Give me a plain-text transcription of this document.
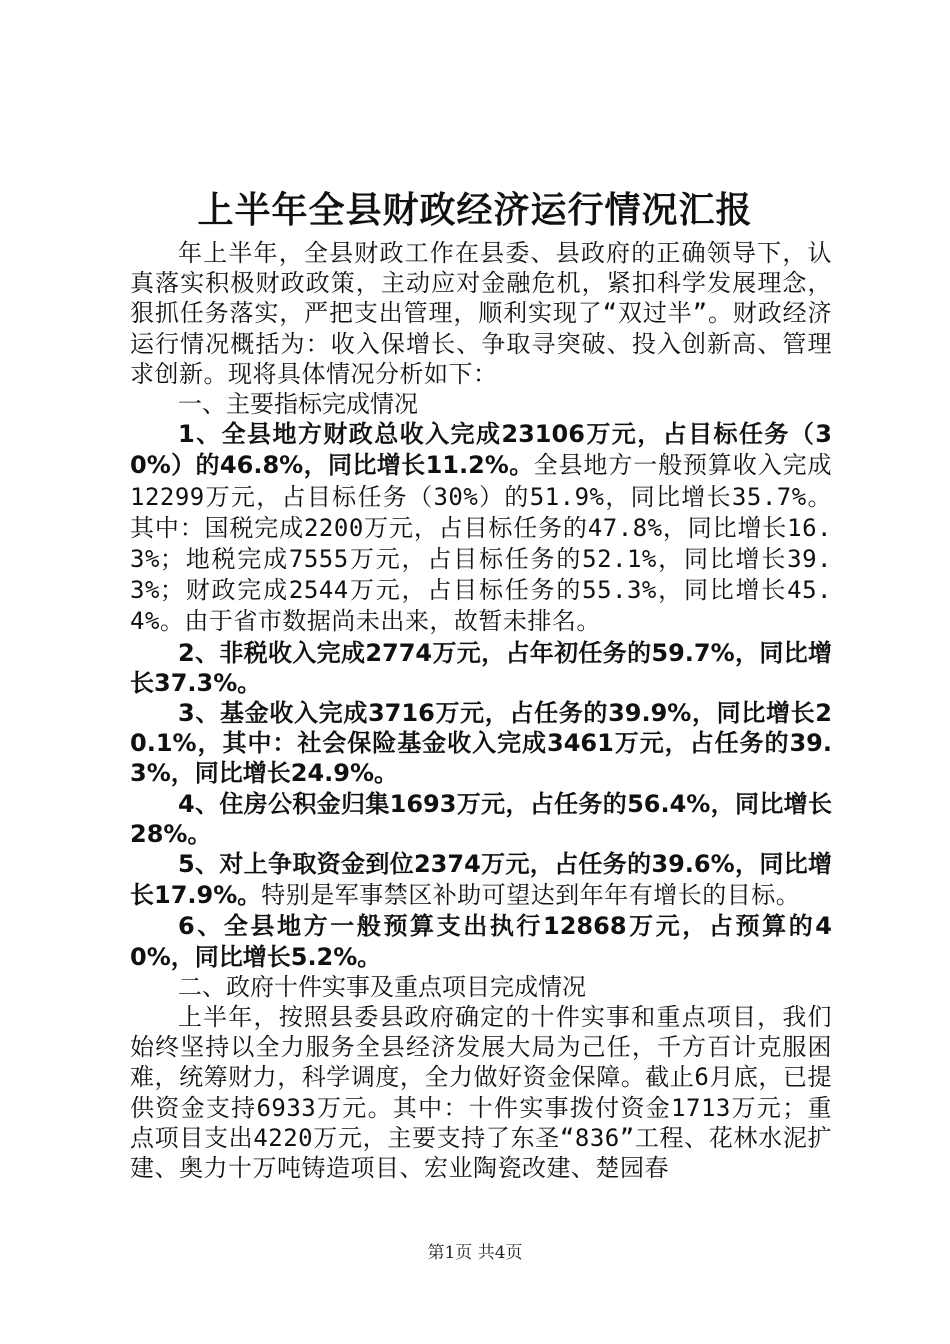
上半年全县财政经济运行情况汇报

年上半年，全县财政工作在县委、县政府的正确领导下，认真落实积极财政政策，主动应对金融危机，紧扣科学发展理念，狠抓任务落实，严把支出管理，顺利实现了“双过半”。财政经济运行情况概括为：收入保增长、争取寻突破、投入创新高、管理求创新。现将具体情况分析如下：

一、主要指标完成情况

1、全县地方财政总收入完成23106万元，占目标任务（30%）的46.8%，同比增长11.2%。全县地方一般预算收入完成12299万元，占目标任务（30%）的51.9%，同比增长35.7%。其中：国税完成2200万元，占目标任务的47.8%，同比增长16.3%；地税完成7555万元，占目标任务的52.1%，同比增长39.3%；财政完成2544万元，占目标任务的55.3%，同比增长45.4%。由于省市数据尚未出来，故暂未排名。

2、非税收入完成2774万元，占年初任务的59.7%，同比增长37.3%。

3、基金收入完成3716万元，占任务的39.9%，同比增长20.1%，其中：社会保险基金收入完成3461万元，占任务的39.3%，同比增长24.9%。

4、住房公积金归集1693万元，占任务的56.4%，同比增长28%。

5、对上争取资金到位2374万元，占任务的39.6%，同比增长17.9%。特别是军事禁区补助可望达到年年有增长的目标。

6、全县地方一般预算支出执行12868万元，占预算的40%，同比增长5.2%。

二、政府十件实事及重点项目完成情况

上半年，按照县委县政府确定的十件实事和重点项目，我们始终坚持以全力服务全县经济发展大局为己任，千方百计克服困难，统筹财力，科学调度，全力做好资金保障。截止6月底，已提供资金支持6933万元。其中：十件实事拨付资金1713万元；重点项目支出4220万元，主要支持了东圣“836”工程、花林水泥扩建、奥力十万吨铸造项目、宏业陶瓷改建、楚园春

第1页 共4页
